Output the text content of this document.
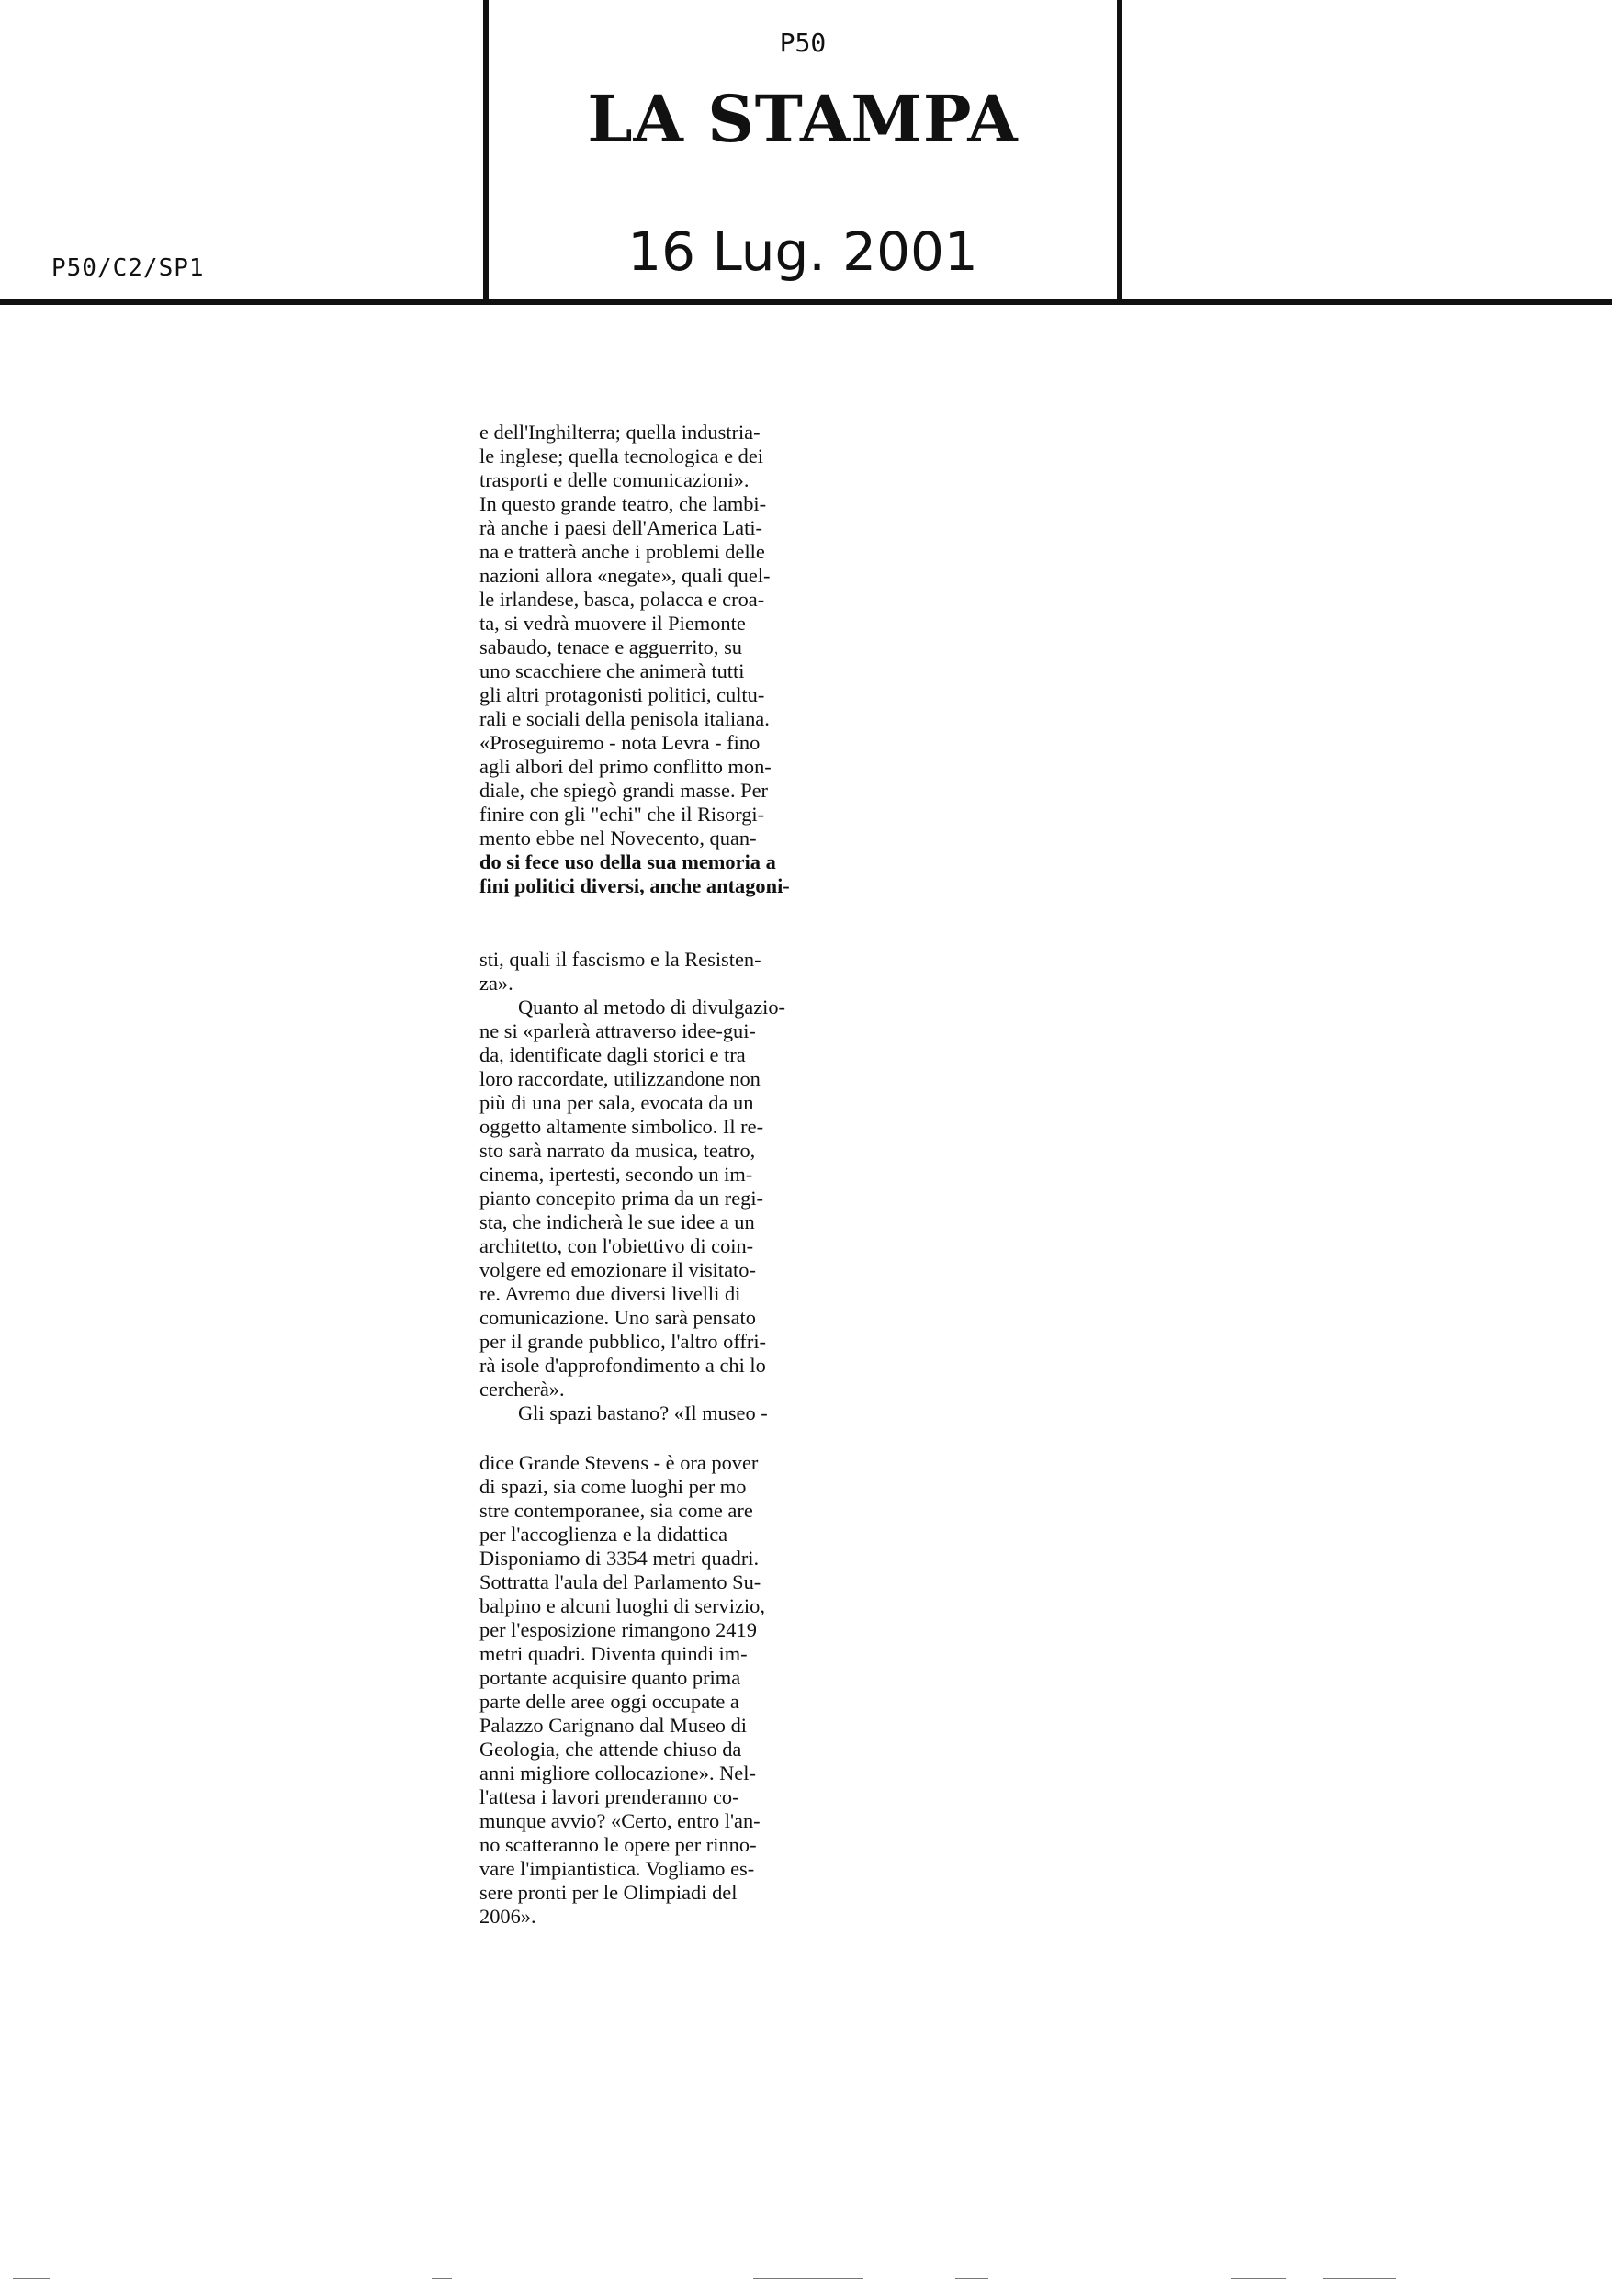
P50/C2/SP1
P50
LA STAMPA
16 Lug. 2001
e dell'Inghilterra; quella industria-
le inglese; quella tecnologica e dei
trasporti e delle comunicazioni».
In questo grande teatro, che lambi-
rà anche i paesi dell'America Lati-
na e tratterà anche i problemi delle
nazioni allora «negate», quali quel-
le irlandese, basca, polacca e croa-
ta, si vedrà muovere il Piemonte
sabaudo, tenace e agguerrito, su
uno scacchiere che animerà tutti
gli altri protagonisti politici, cultu-
rali e sociali della penisola italiana.
«Proseguiremo - nota Levra - fino
agli albori del primo conflitto mon-
diale, che spiegò grandi masse. Per
finire con gli "echi" che il Risorgi-
mento ebbe nel Novecento, quan-
do si fece uso della sua memoria a
fini politici diversi, anche antagoni-
sti, quali il fascismo e la Resisten-
za».
Quanto al metodo di divulgazio-
ne si «parlerà attraverso idee-gui-
da, identificate dagli storici e tra
loro raccordate, utilizzandone non
più di una per sala, evocata da un
oggetto altamente simbolico. Il re-
sto sarà narrato da musica, teatro,
cinema, ipertesti, secondo un im-
pianto concepito prima da un regi-
sta, che indicherà le sue idee a un
architetto, con l'obiettivo di coin-
volgere ed emozionare il visitato-
re. Avremo due diversi livelli di
comunicazione. Uno sarà pensato
per il grande pubblico, l'altro offri-
rà isole d'approfondimento a chi lo
cercherà».
Gli spazi bastano? «Il museo -
dice Grande Stevens - è ora pover
di spazi, sia come luoghi per mo
stre contemporanee, sia come are
per l'accoglienza e la didattica
Disponiamo di 3354 metri quadri.
Sottratta l'aula del Parlamento Su-
balpino e alcuni luoghi di servizio,
per l'esposizione rimangono 2419
metri quadri. Diventa quindi im-
portante acquisire quanto prima
parte delle aree oggi occupate a
Palazzo Carignano dal Museo di
Geologia, che attende chiuso da
anni migliore collocazione». Nel-
l'attesa i lavori prenderanno co-
munque avvio? «Certo, entro l'an-
no scatteranno le opere per rinno-
vare l'impiantistica. Vogliamo es-
sere pronti per le Olimpiadi del
2006».
